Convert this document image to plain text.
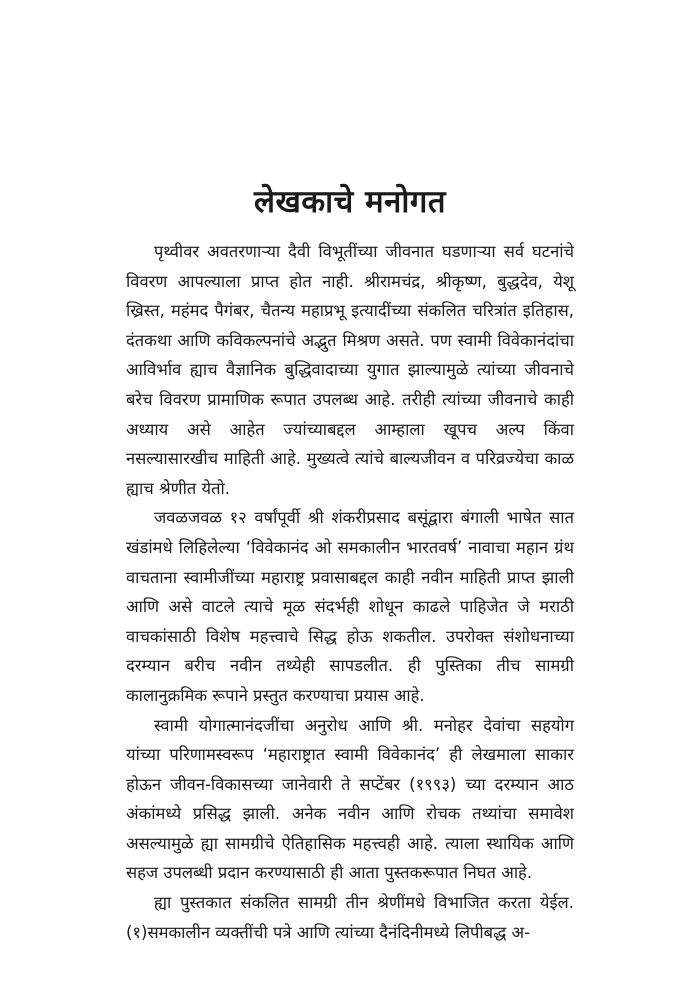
लेखकाचे मनोगत

पृथ्वीवर अवतरणाऱ्या दैवी विभूतींच्या जीवनात घडणाऱ्या सर्व घटनांचे विवरण आपल्याला प्राप्त होत नाही. श्रीरामचंद्र, श्रीकृष्ण, बुद्धदेव, येशू ख्रिस्त, महंमद पैगंबर, चैतन्य महाप्रभू इत्यादींच्या संकलित चरित्रांत इतिहास, दंतकथा आणि कविकल्पनांचे अद्भुत मिश्रण असते. पण स्वामी विवेकानंदांचा आविर्भाव ह्याच वैज्ञानिक बुद्धिवादाच्या युगात झाल्यामुळे त्यांच्या जीवनाचे बरेच विवरण प्रामाणिक रूपात उपलब्ध आहे. तरीही त्यांच्या जीवनाचे काही अध्याय असे आहेत ज्यांच्याबद्दल आम्हाला खूपच अल्प किंवा नसल्यासारखीच माहिती आहे. मुख्यत्वे त्यांचे बाल्यजीवन व परिव्रज्येचा काळ ह्याच श्रेणीत येतो.

जवळजवळ १२ वर्षांपूर्वी श्री शंकरीप्रसाद बसूंद्वारा बंगाली भाषेत सात खंडांमधे लिहिलेल्या ‘विवेकानंद ओ समकालीन भारतवर्ष’ नावाचा महान ग्रंथ वाचताना स्वामीजींच्या महाराष्ट्र प्रवासाबद्दल काही नवीन माहिती प्राप्त झाली आणि असे वाटले त्याचे मूळ संदर्भही शोधून काढले पाहिजेत जे मराठी वाचकांसाठी विशेष महत्त्वाचे सिद्ध होऊ शकतील. उपरोक्त संशोधनाच्या दरम्यान बरीच नवीन तथ्येही सापडलीत. ही पुस्तिका तीच सामग्री कालानुक्रमिक रूपाने प्रस्तुत करण्याचा प्रयास आहे.

स्वामी योगात्मानंदजींचा अनुरोध आणि श्री. मनोहर देवांचा सहयोग यांच्या परिणामस्वरूप ‘महाराष्ट्रात स्वामी विवेकानंद’ ही लेखमाला साकार होऊन जीवन-विकासच्या जानेवारी ते सप्टेंबर (१९९३) च्या दरम्यान आठ अंकांमध्ये प्रसिद्ध झाली. अनेक नवीन आणि रोचक तथ्यांचा समावेश असल्यामुळे ह्या सामग्रीचे ऐतिहासिक महत्त्वही आहे. त्याला स्थायिक आणि सहज उपलब्धी प्रदान करण्यासाठी ही आता पुस्तकरूपात निघत आहे.

ह्या पुस्तकात संकलित सामग्री तीन श्रेणींमधे विभाजित करता येईल. (१)समकालीन व्यक्तींची पत्रे आणि त्यांच्या दैनंदिनीमध्ये लिपीबद्ध अ-
